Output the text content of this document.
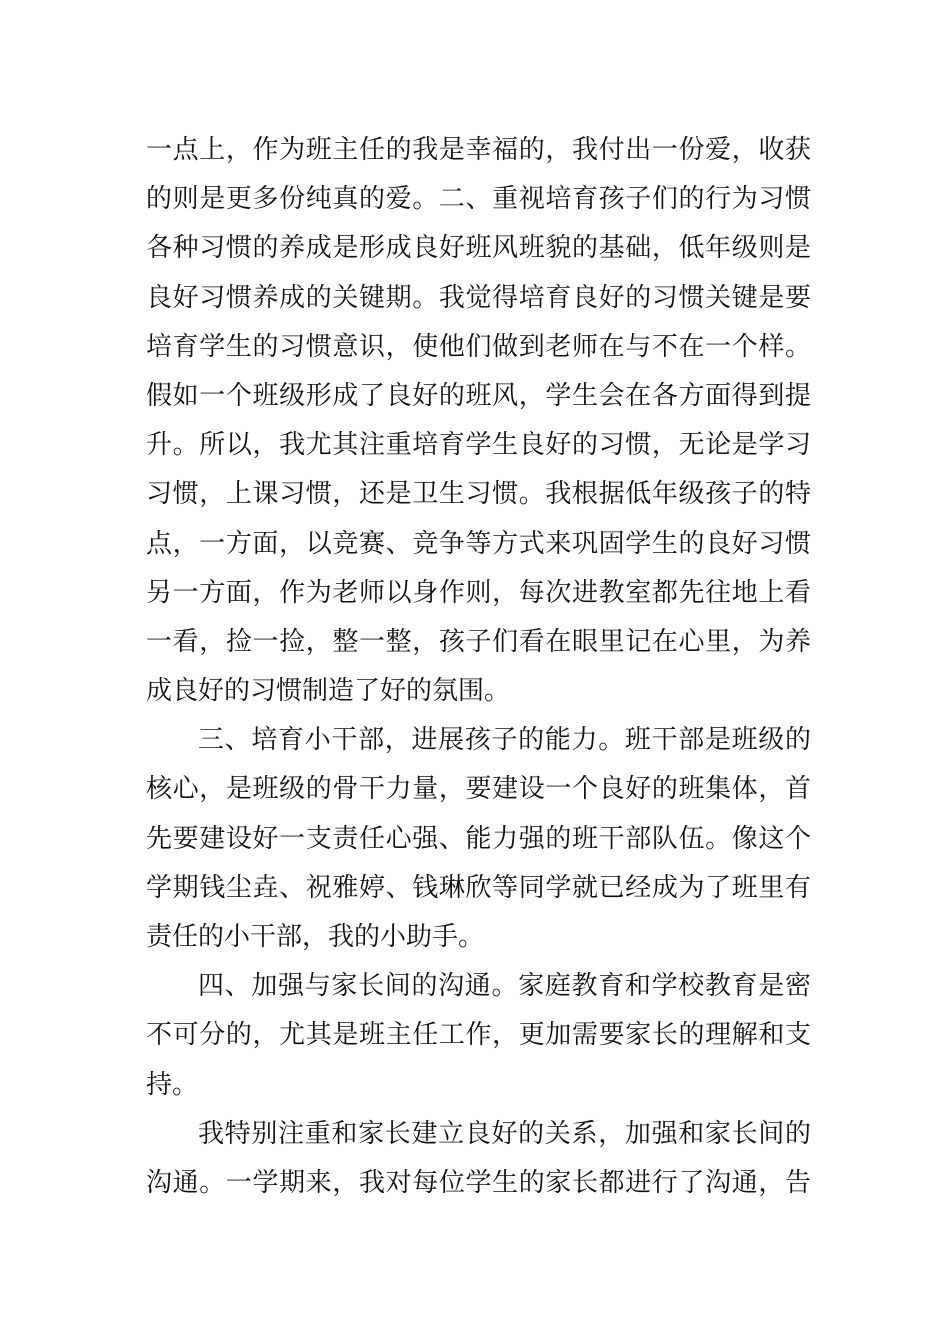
一点上，作为班主任的我是幸福的，我付出一份爱，收获
的则是更多份纯真的爱。二、重视培育孩子们的行为习惯
各种习惯的养成是形成良好班风班貌的基础，低年级则是
良好习惯养成的关键期。我觉得培育良好的习惯关键是要
培育学生的习惯意识，使他们做到老师在与不在一个样。
假如一个班级形成了良好的班风，学生会在各方面得到提
升。所以，我尤其注重培育学生良好的习惯，无论是学习
习惯，上课习惯，还是卫生习惯。我根据低年级孩子的特
点，一方面，以竞赛、竞争等方式来巩固学生的良好习惯
另一方面，作为老师以身作则，每次进教室都先往地上看
一看，捡一捡，整一整，孩子们看在眼里记在心里，为养
成良好的习惯制造了好的氛围。
三、培育小干部，进展孩子的能力。班干部是班级的
核心，是班级的骨干力量，要建设一个良好的班集体，首
先要建设好一支责任心强、能力强的班干部队伍。像这个
学期钱尘垚、祝雅婷、钱琳欣等同学就已经成为了班里有
责任的小干部，我的小助手。
四、加强与家长间的沟通。家庭教育和学校教育是密
不可分的，尤其是班主任工作，更加需要家长的理解和支
持。
我特别注重和家长建立良好的关系，加强和家长间的
沟通。一学期来，我对每位学生的家长都进行了沟通，告
